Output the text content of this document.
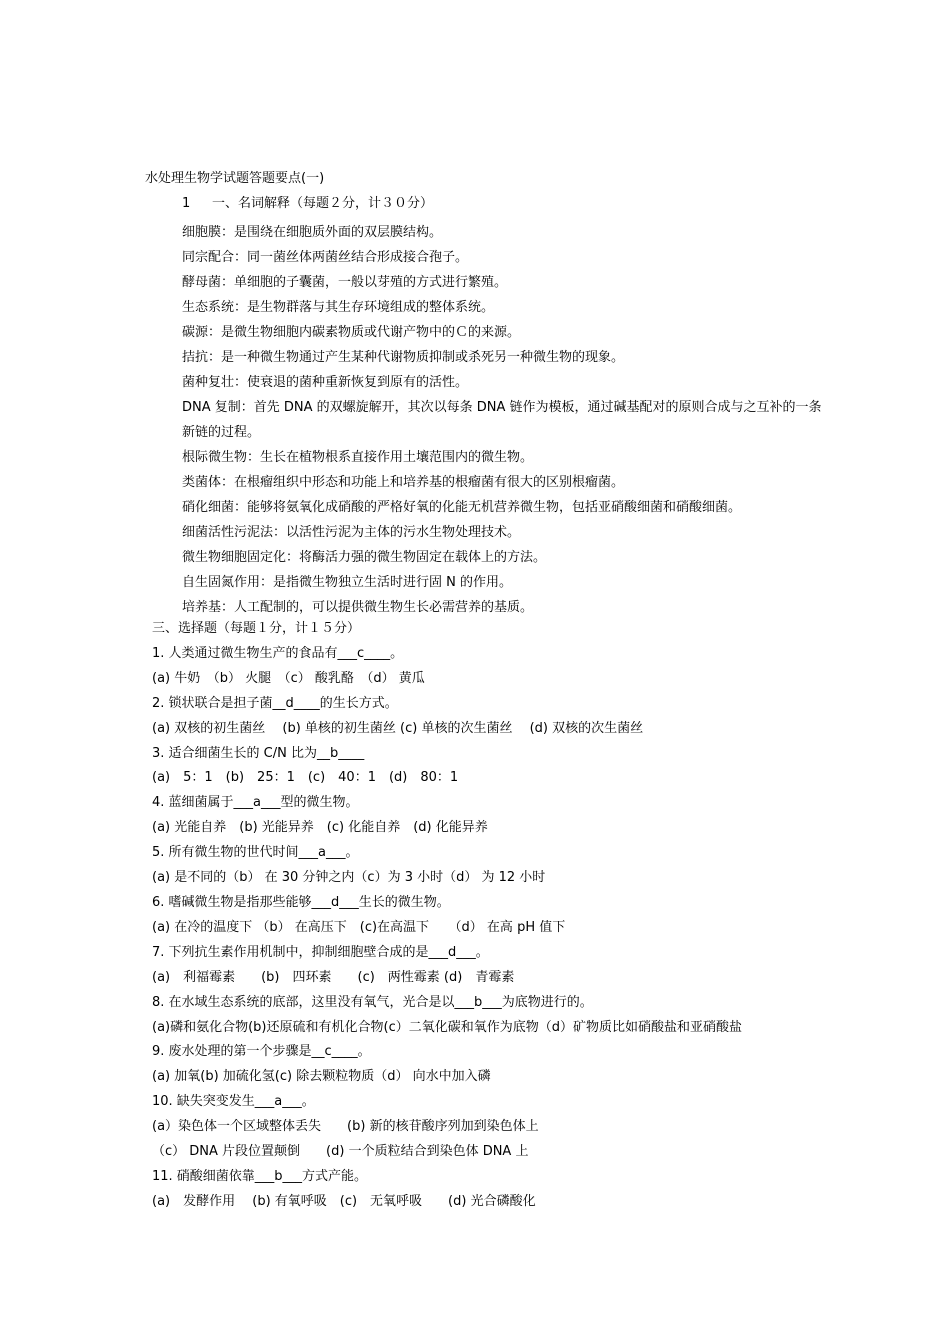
水处理生物学试题答题要点(一)
1 一、名词解释（每题２分，计３０分）
细胞膜：是围绕在细胞质外面的双层膜结构。
同宗配合：同一菌丝体两菌丝结合形成接合孢子。
酵母菌：单细胞的子囊菌，一般以芽殖的方式进行繁殖。
生态系统：是生物群落与其生存环境组成的整体系统。
碳源：是微生物细胞内碳素物质或代谢产物中的Ｃ的来源。
拮抗：是一种微生物通过产生某种代谢物质抑制或杀死另一种微生物的现象。
菌种复壮：使衰退的菌种重新恢复到原有的活性。
DNA 复制：首先 DNA 的双螺旋解开，其次以每条 DNA 链作为模板，通过碱基配对的原则合成与之互补的一条新链的过程。
根际微生物：生长在植物根系直接作用土壤范围内的微生物。
类菌体：在根瘤组织中形态和功能上和培养基的根瘤菌有很大的区别根瘤菌。
硝化细菌：能够将氨氧化成硝酸的严格好氧的化能无机营养微生物，包括亚硝酸细菌和硝酸细菌。
细菌活性污泥法：以活性污泥为主体的污水生物处理技术。
微生物细胞固定化：将酶活力强的微生物固定在载体上的方法。
自生固氮作用：是指微生物独立生活时进行固 N 的作用。
培养基：人工配制的，可以提供微生物生长必需营养的基质。
三、选择题（每题１分，计１５分）
1. 人类通过微生物生产的食品有___c____。
(a) 牛奶　（b） 火腿　（c） 酸乳酪　（d） 黄瓜
2. 锁状联合是担子菌__d____的生长方式。
(a) 双核的初生菌丝　 (b) 单核的初生菌丝 (c) 单核的次生菌丝　 (d) 双核的次生菌丝
3. 适合细菌生长的 C/N 比为__b____
(a)　5：1　(b)　25：1　(c)　40：1　(d)　80：1
4. 蓝细菌属于___a___型的微生物。
(a) 光能自养　(b) 光能异养　(c) 化能自养　(d) 化能异养
5. 所有微生物的世代时间___a___。
(a) 是不同的（b） 在 30 分钟之内（c）为 3 小时（d） 为 12 小时
6. 嗜碱微生物是指那些能够___d___生长的微生物。
(a) 在冷的温度下 （b） 在高压下　(c)在高温下　　（d） 在高 pH 值下
7. 下列抗生素作用机制中，抑制细胞壁合成的是___d___。
(a)　利福霉素　　(b)　四环素　　(c)　两性霉素 (d)　青霉素
8. 在水域生态系统的底部，这里没有氧气，光合是以___b___为底物进行的。
(a)磷和氨化合物(b)还原硫和有机化合物(c）二氧化碳和氧作为底物（d）矿物质比如硝酸盐和亚硝酸盐
9. 废水处理的第一个步骤是__c____。
(a) 加氧(b) 加硫化氢(c) 除去颗粒物质（d） 向水中加入磷
10. 缺失突变发生___a___。
(a）染色体一个区域整体丢失　　(b) 新的核苷酸序列加到染色体上
（c） DNA 片段位置颠倒　　(d) 一个质粒结合到染色体 DNA 上
11. 硝酸细菌依靠___b___方式产能。
(a)　发酵作用　 (b) 有氧呼吸　(c)　无氧呼吸　　(d) 光合磷酸化
